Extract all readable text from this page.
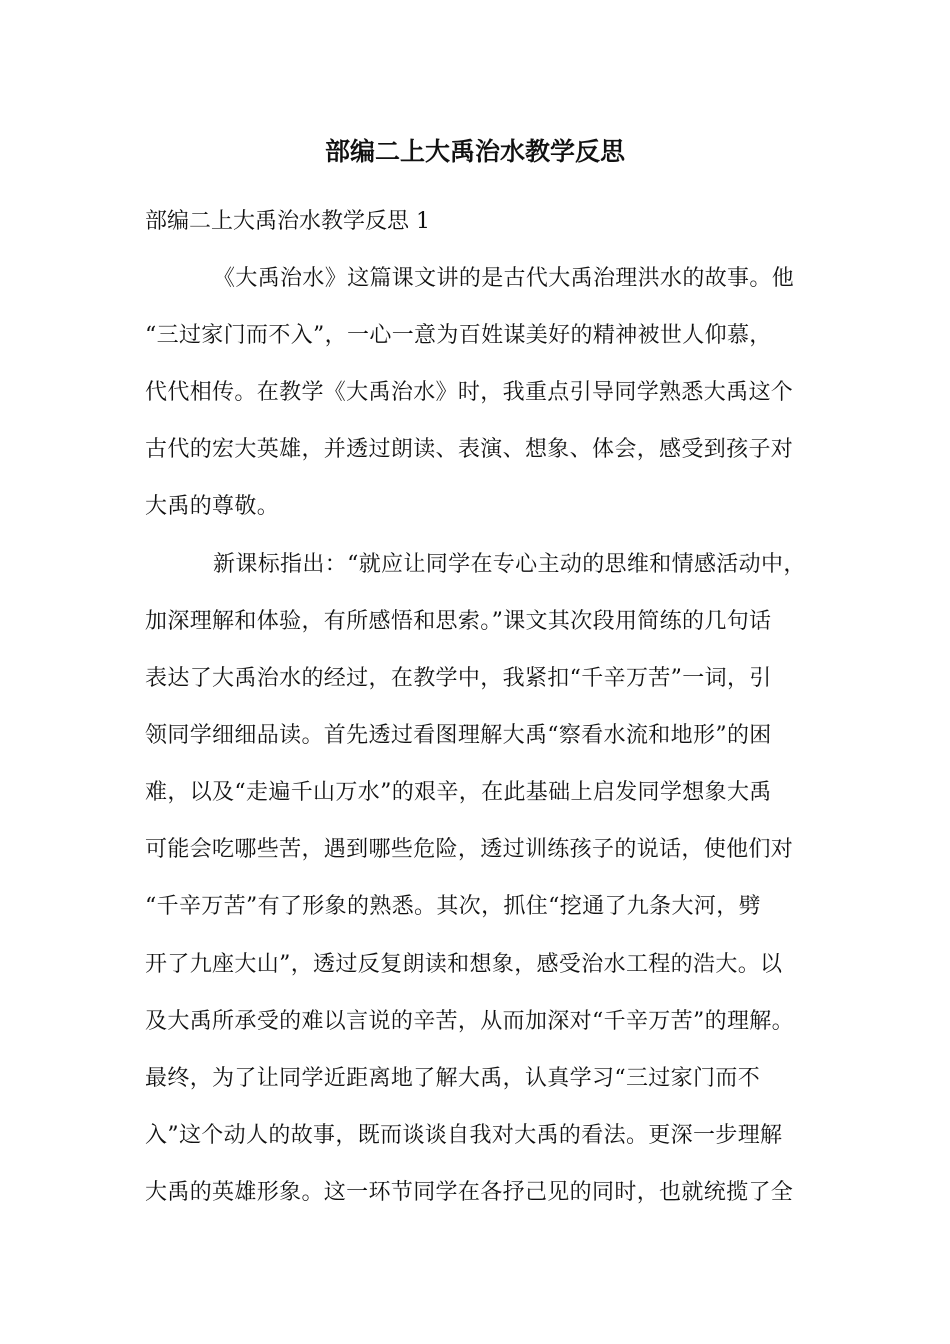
部编二上大禹治水教学反思
部编二上大禹治水教学反思 1
《大禹治水》这篇课文讲的是古代大禹治理洪水的故事。他
“三过家门而不入”，一心一意为百姓谋美好的精神被世人仰慕，
代代相传。在教学《大禹治水》时，我重点引导同学熟悉大禹这个
古代的宏大英雄，并透过朗读、表演、想象、体会，感受到孩子对
大禹的尊敬。
新课标指出：“就应让同学在专心主动的思维和情感活动中，
加深理解和体验，有所感悟和思索。”课文其次段用简练的几句话
表达了大禹治水的经过，在教学中，我紧扣“千辛万苦”一词，引
领同学细细品读。首先透过看图理解大禹“察看水流和地形”的困
难，以及“走遍千山万水”的艰辛，在此基础上启发同学想象大禹
可能会吃哪些苦，遇到哪些危险，透过训练孩子的说话，使他们对
“千辛万苦”有了形象的熟悉。其次，抓住“挖通了九条大河，劈
开了九座大山”，透过反复朗读和想象，感受治水工程的浩大。以
及大禹所承受的难以言说的辛苦，从而加深对“千辛万苦”的理解。
最终，为了让同学近距离地了解大禹，认真学习“三过家门而不
入”这个动人的故事，既而谈谈自我对大禹的看法。更深一步理解
大禹的英雄形象。这一环节同学在各抒己见的同时，也就统揽了全
